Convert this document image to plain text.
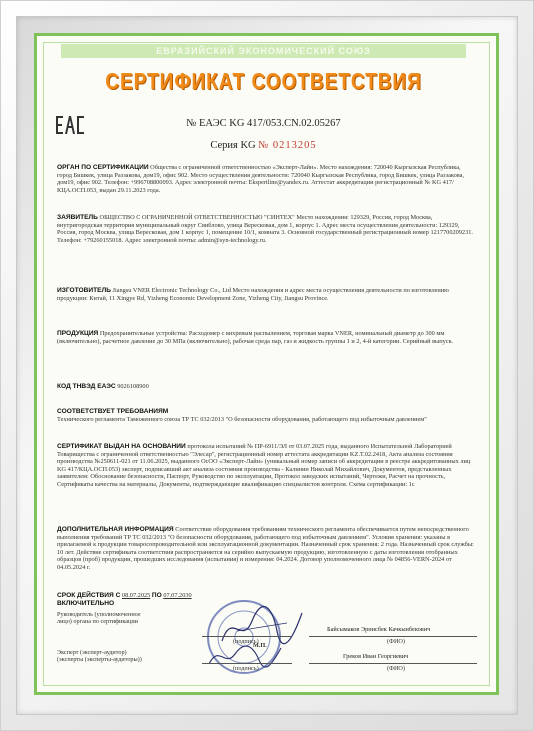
ЕВРАЗИЙСКИЙ ЭКОНОМИЧЕСКИЙ СОЮЗ
СЕРТИФИКАТ СООТВЕТСТВИЯ
№ ЕАЭС KG 417/053.CN.02.05267
Серия KG № 0213205
ОРГАН ПО СЕРТИФИКАЦИИ Общества с ограниченной ответственностью «Эксперт-Лайн». Место нахождения: 720040 Кыргызская Республика, город Бишкек, улица Раззакова, дом19, офис 902. Место осуществления деятельности: 720040 Кыргызская Республика, город Бишкек, улица Раззакова, дом19, офис 902. Телефон: +996708800093. Адрес электронной почты: Ekspertline@yandex.ru. Аттестат аккредитации регистрационный № KG 417/КЦА.ОСП.053, выдан 29.11.2023 года.
ЗАЯВИТЕЛЬ ОБЩЕСТВО С ОГРАНИЧЕННОЙ ОТВЕТСТВЕННОСТЬЮ "СИНТЕХ" Место нахождения: 129329, Россия, город Москва, внутригородская территория муниципальный округ Свиблово, улица Вересковая, дом 1, корпус 1. Адрес места осуществления деятельности: 129329, Россия, город Москва, улица Вересковая, дом 1 корпус 1, помещение 10/1, комната 3. Основной государственный регистрационный номер 1217700209231. Телефон: +79260155018. Адрес электронной почты: admin@syn-technology.ru.
ИЗГОТОВИТЕЛЬ Jiangsu VNER Electronic Technology Co., Ltd Место нахождения и адрес места осуществления деятельности по изготовлению продукции: Китай, 11 Xingye Rd, Yizheng Economic Development Zone, Yizheng City, Jiangsu Province.
ПРОДУКЦИЯ Предохранительные устройства: Расходомер с вихревым распылением, торговая марка VNER, номинальный диаметр до 300 мм (включительно), расчетное давление до 30 МПа (включительно), рабочая среда пар, газ и жидкость группы 1 и 2, 4-й категории. Серийный выпуск.
КОД ТНВЭД ЕАЭС 9026108900
СООТВЕТСТВУЕТ ТРЕБОВАНИЯМ
Технического регламента Таможенного союза ТР ТС 032/2013 "О безопасности оборудования, работающего под избыточным давлением"
СЕРТИФИКАТ ВЫДАН НА ОСНОВАНИИ протокола испытаний № ПР-6911/ЭЛ от 03.07.2025 года, выданного Испытательной Лабораторией Товарищества с ограниченной ответственностью "Элесар", регистрационный номер аттестата аккредитации KZ.T.02.2418, Акта анализа состояния производства №250611-021 от 11.06.2025, выданного ОсОО «Эксперт-Лайн» (уникальный номер записи об аккредитации в реестре аккредитованных лиц KG 417/КЦА.ОСП.053) эксперт, подписавший акт анализа состояния производства - Калинин Николай Михайлович, Документов, представленных заявителем: Обоснование безопасности, Паспорт, Руководство по эксплуатации, Протокол заводских испытаний, Чертежи, Расчет на прочность, Сертификаты качества на материалы, Документы, подтверждающие квалификацию специалистов контроля. Схема сертификации: 1с
ДОПОЛНИТЕЛЬНАЯ ИНФОРМАЦИЯ Соответствие оборудования требованиям технического регламента обеспечивается путем непосредственного выполнения требований ТР ТС 032/2013 "О безопасности оборудования, работающего под избыточным давлением". Условия хранения: указаны в прилагаемой к продукции товаросопроводительной или эксплуатационной документации. Назначенный срок хранения: 2 года. Назначенный срок службы: 10 лет. Действие сертификата соответствия распространяется на серийно выпускаемую продукцию, изготовленную с даты изготовления отобранных образцов (проб) продукции, прошедших исследования (испытания) и измерения: 04.2024. Договор уполномоченного лица № 04856-VERN-2024 от 04.05.2024 г.
СРОК ДЕЙСТВИЯ С 08.07.2025 ПО 07.07.2030
ВКЛЮЧИТЕЛЬНО
Руководитель (уполномоченное
лицо) органа по сертификации
(подпись)
М.П.
Байсымаков Эрнисбек Качкынбекович
(ФИО)
Эксперт (эксперт-аудитор)
(эксперты (эксперты-аудиторы))
(подпись)
Греков Иван Георгиевич
(ФИО)
